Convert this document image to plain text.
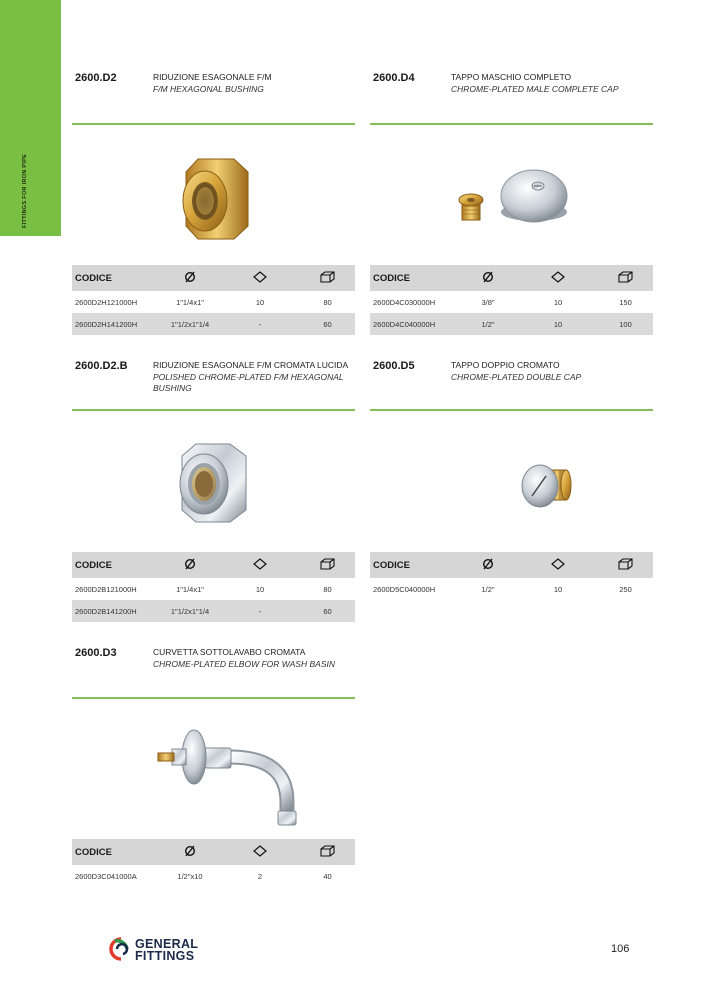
FITTINGS FOR IRON PIPE
2600.D2	RIDUZIONE ESAGONALE F/M
F/M HEXAGONAL BUSHING
CODICE			
2600D2H121000H	1"1/4x1"	10	80
2600D2H141200H	1"1/2x1"1/4	-	60
2600.D4	TAPPO MASCHIO COMPLETO
CHROME-PLATED MALE COMPLETE CAP
CODICE			
2600D4C030000H	3/8"	10	150
2600D4C040000H	1/2"	10	100
2600.D2.B	RIDUZIONE ESAGONALE F/M CROMATA LUCIDA
POLISHED CHROME-PLATED F/M HEXAGONAL BUSHING
CODICE			
2600D2B121000H	1"1/4x1"	10	80
2600D2B141200H	1"1/2x1"1/4	-	60
2600.D5	TAPPO DOPPIO CROMATO
CHROME-PLATED DOUBLE CAP
CODICE			
2600D5C040000H	1/2"	10	250
2600.D3	CURVETTA SOTTOLAVABO CROMATA
CHROME-PLATED ELBOW FOR WASH BASIN
CODICE			
2600D3C041000A	1/2"x10	2	40
GENERAL
FITTINGS	106
